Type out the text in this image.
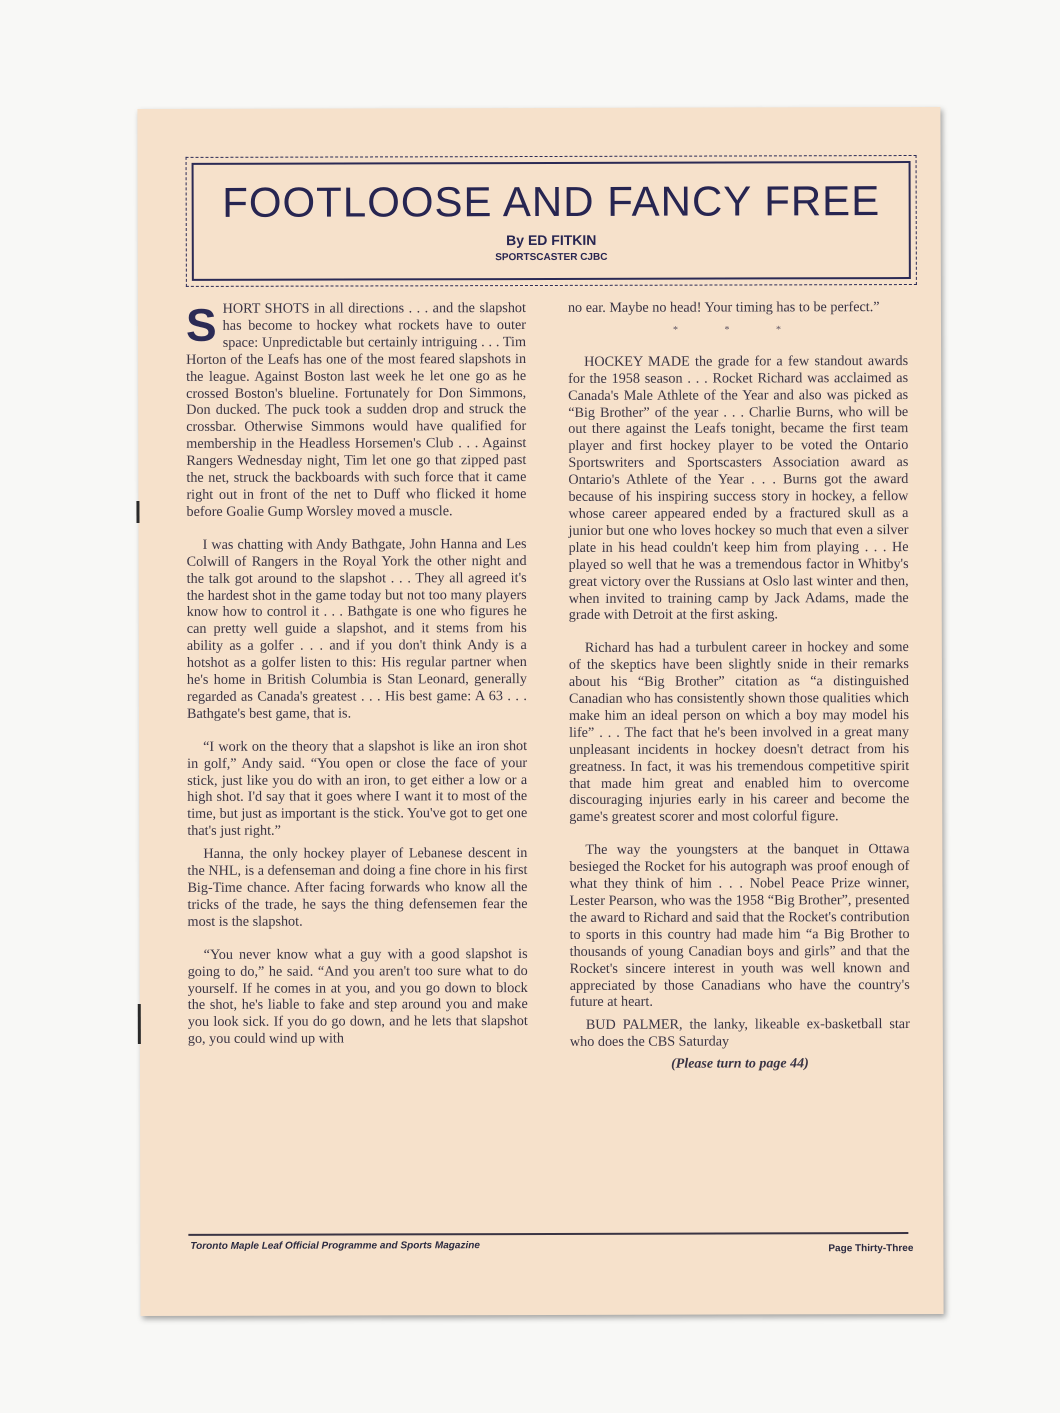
FOOTLOOSE AND FANCY FREE
By ED FITKIN
SPORTSCASTER CJBC

SHORT SHOTS in all directions . . . and the slapshot has become to hockey what rockets have to outer space: Unpredictable but certainly intriguing . . . Tim Horton of the Leafs has one of the most feared slapshots in the league. Against Boston last week he let one go as he crossed Boston's blueline. Fortunately for Don Simmons, Don ducked. The puck took a sudden drop and struck the crossbar. Otherwise Simmons would have qualified for membership in the Headless Horsemen's Club . . . Against Rangers Wednesday night, Tim let one go that zipped past the net, struck the backboards with such force that it came right out in front of the net to Duff who flicked it home before Goalie Gump Worsley moved a muscle.

I was chatting with Andy Bathgate, John Hanna and Les Colwill of Rangers in the Royal York the other night and the talk got around to the slapshot . . . They all agreed it's the hardest shot in the game today but not too many players know how to control it . . . Bathgate is one who figures he can pretty well guide a slapshot, and it stems from his ability as a golfer . . . and if you don't think Andy is a hotshot as a golfer listen to this: His regular partner when he's home in British Columbia is Stan Leonard, generally regarded as Canada's greatest . . . His best game: A 63 . . . Bathgate's best game, that is.

“I work on the theory that a slapshot is like an iron shot in golf,” Andy said. “You open or close the face of your stick, just like you do with an iron, to get either a low or a high shot. I'd say that it goes where I want it to most of the time, but just as important is the stick. You've got to get one that's just right.”

Hanna, the only hockey player of Lebanese descent in the NHL, is a defenseman and doing a fine chore in his first Big-Time chance. After facing forwards who know all the tricks of the trade, he says the thing defensemen fear the most is the slapshot.

“You never know what a guy with a good slapshot is going to do,” he said. “And you aren't too sure what to do yourself. If he comes in at you, and you go down to block the shot, he's liable to fake and step around you and make you look sick. If you do go down, and he lets that slapshot go, you could wind up with

no ear. Maybe no head! Your timing has to be perfect.”

* * *

HOCKEY MADE the grade for a few standout awards for the 1958 season . . . Rocket Richard was acclaimed as Canada's Male Athlete of the Year and also was picked as “Big Brother” of the year . . . Charlie Burns, who will be out there against the Leafs tonight, became the first team player and first hockey player to be voted the Ontario Sportswriters and Sportscasters Association award as Ontario's Athlete of the Year . . . Burns got the award because of his inspiring success story in hockey, a fellow whose career appeared ended by a fractured skull as a junior but one who loves hockey so much that even a silver plate in his head couldn't keep him from playing . . . He played so well that he was a tremendous factor in Whitby's great victory over the Russians at Oslo last winter and then, when invited to training camp by Jack Adams, made the grade with Detroit at the first asking.

Richard has had a turbulent career in hockey and some of the skeptics have been slightly snide in their remarks about his “Big Brother” citation as “a distinguished Canadian who has consistently shown those qualities which make him an ideal person on which a boy may model his life” . . . The fact that he's been involved in a great many unpleasant incidents in hockey doesn't detract from his greatness. In fact, it was his tremendous competitive spirit that made him great and enabled him to overcome discouraging injuries early in his career and become the game's greatest scorer and most colorful figure.

The way the youngsters at the banquet in Ottawa besieged the Rocket for his autograph was proof enough of what they think of him . . . Nobel Peace Prize winner, Lester Pearson, who was the 1958 “Big Brother”, presented the award to Richard and said that the Rocket's contribution to sports in this country had made him “a Big Brother to thousands of young Canadian boys and girls” and that the Rocket's sincere interest in youth was well known and appreciated by those Canadians who have the country's future at heart.

BUD PALMER, the lanky, likeable ex-basketball star who does the CBS Saturday

(Please turn to page 44)
Toronto Maple Leaf Official Programme and Sports Magazine	Page Thirty-Three
